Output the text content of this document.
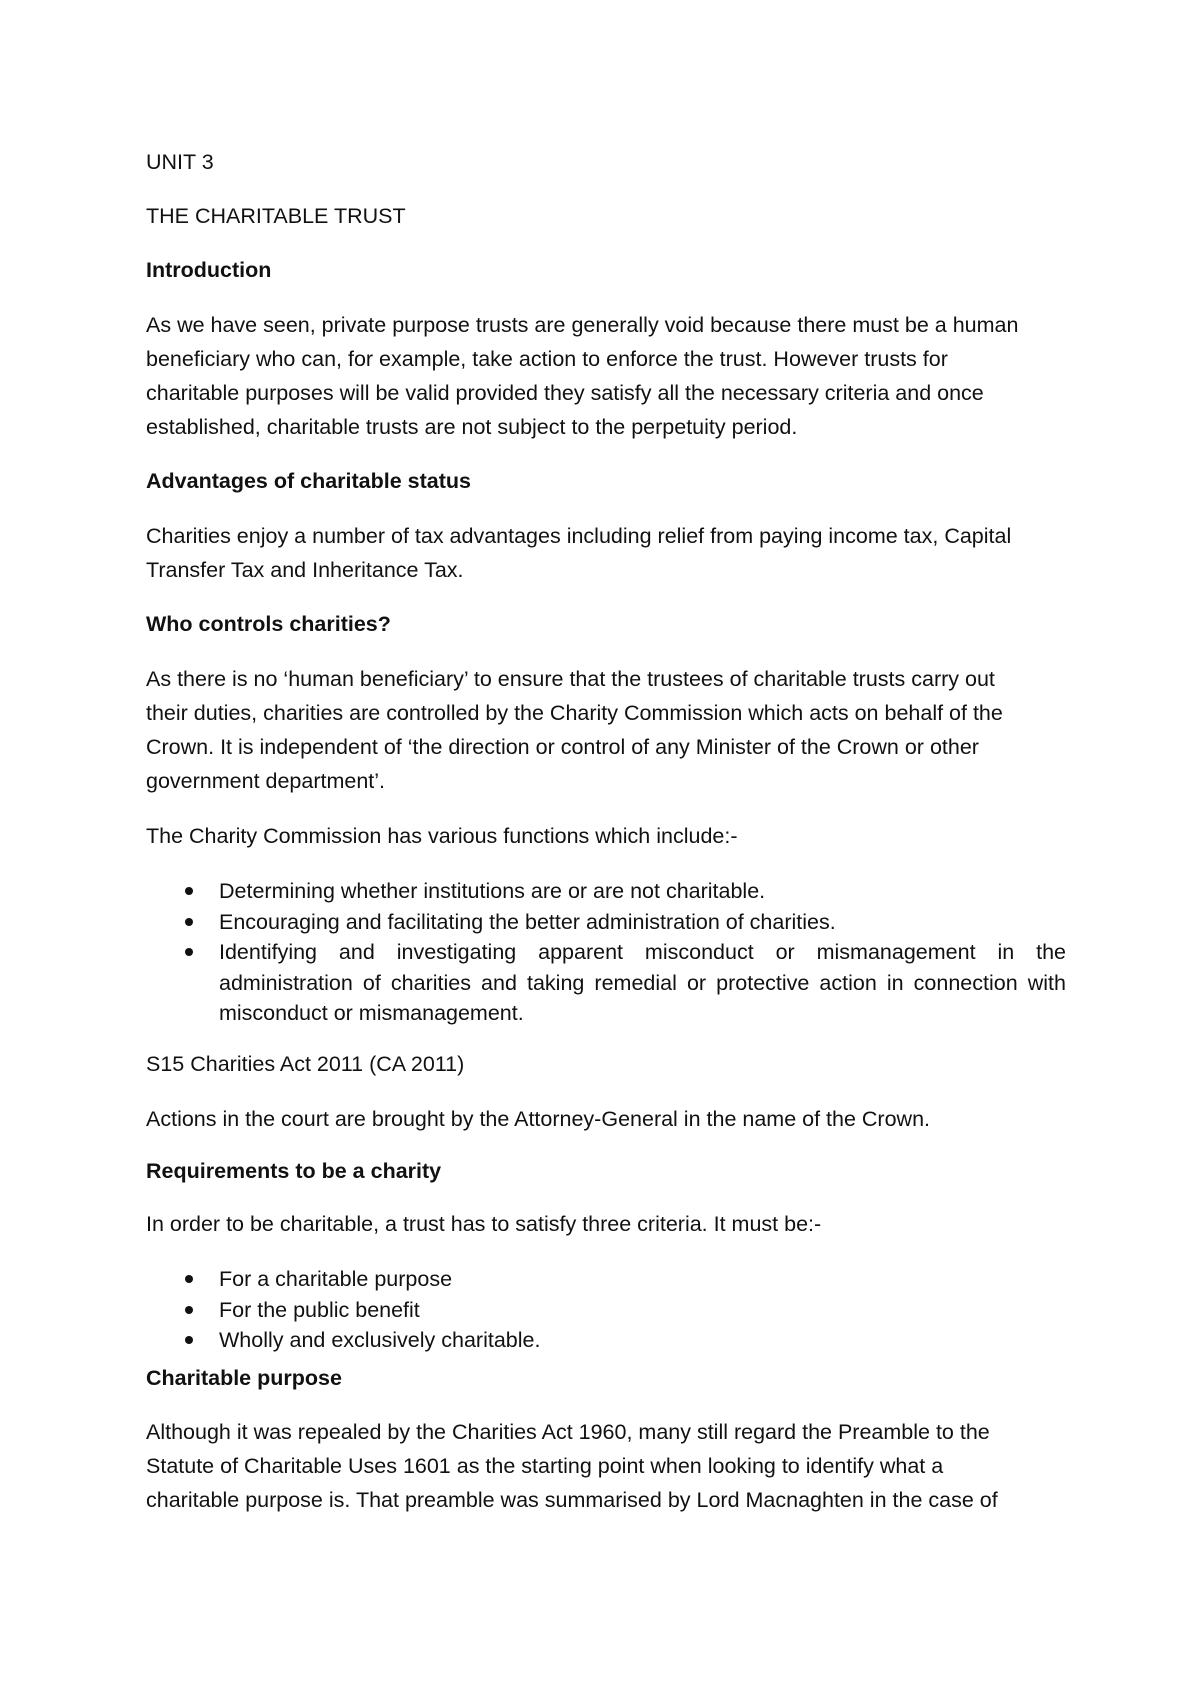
UNIT 3
THE CHARITABLE TRUST
Introduction
As we have seen, private purpose trusts are generally void because there must be a human
beneficiary who can, for example, take action to enforce the trust. However trusts for
charitable purposes will be valid provided they satisfy all the necessary criteria and once
established, charitable trusts are not subject to the perpetuity period.
Advantages of charitable status
Charities enjoy a number of tax advantages including relief from paying income tax, Capital
Transfer Tax and Inheritance Tax.
Who controls charities?
As there is no ‘human beneficiary’ to ensure that the trustees of charitable trusts carry out
their duties, charities are controlled by the Charity Commission which acts on behalf of the
Crown. It is independent of ‘the direction or control of any Minister of the Crown or other
government department’.
The Charity Commission has various functions which include:-
Determining whether institutions are or are not charitable.
Encouraging and facilitating the better administration of charities.
Identifying and investigating apparent misconduct or mismanagement in the administration of charities and taking remedial or protective action in connection with misconduct or mismanagement.
S15 Charities Act 2011 (CA 2011)
Actions in the court are brought by the Attorney-General in the name of the Crown.
Requirements to be a charity
In order to be charitable, a trust has to satisfy three criteria. It must be:-
For a charitable purpose
For the public benefit
Wholly and exclusively charitable.
Charitable purpose
Although it was repealed by the Charities Act 1960, many still regard the Preamble to the
Statute of Charitable Uses 1601 as the starting point when looking to identify what a
charitable purpose is. That preamble was summarised by Lord Macnaghten in the case of
